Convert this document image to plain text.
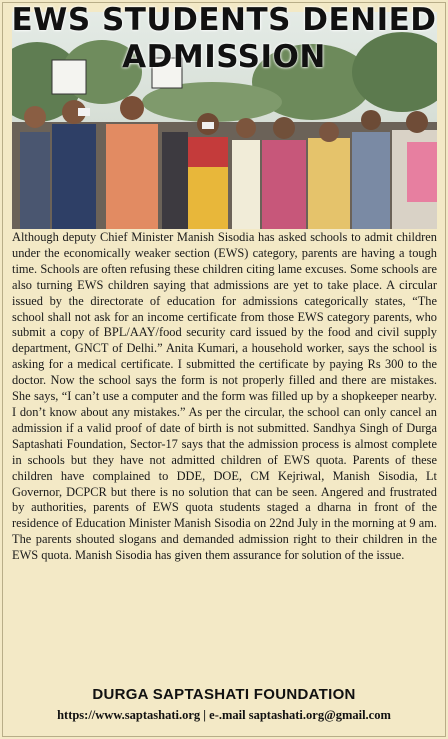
EWS STUDENTS DENIED
ADMISSION

Although deputy Chief Minister Manish Sisodia has asked schools to admit children under the economically weaker section (EWS) category, parents are having a tough time. Schools are often refusing these children citing lame excuses. Some schools are also turning EWS children saying that admissions are yet to take place. A circular issued by the directorate of education for admissions categorically states, “The school shall not ask for an income certificate from those EWS category parents, who submit a copy of BPL/AAY/food security card issued by the food and civil supply department, GNCT of Delhi.” Anita Kumari, a household worker, says the school is asking for a medical certificate. I submitted the certificate by paying Rs 300 to the doctor. Now the school says the form is not properly filled and there are mistakes. She says, “I can’t use a computer and the form was filled up by a shopkeeper nearby. I don’t know about any mistakes.” As per the circular, the school can only cancel an admission if a valid proof of date of birth is not submitted. Sandhya Singh of Durga Saptashati Foundation, Sector-17 says that the admission process is almost complete in schools but they have not admitted children of EWS quota. Parents of these children have complained to DDE, DOE, CM Kejriwal, Manish Sisodia, Lt Governor, DCPCR but there is no solution that can be seen. Angered and frustrated by authorities, parents of EWS quota students staged a dharna in front of the residence of Education Minister Manish Sisodia on 22nd July in the morning at 9 am. The parents shouted slogans and demanded admission right to their children in the EWS quota. Manish Sisodia has given them assurance for solution of the issue.

DURGA SAPTASHATI FOUNDATION
https://www.saptashati.org | e-.mail saptashati.org@gmail.com
